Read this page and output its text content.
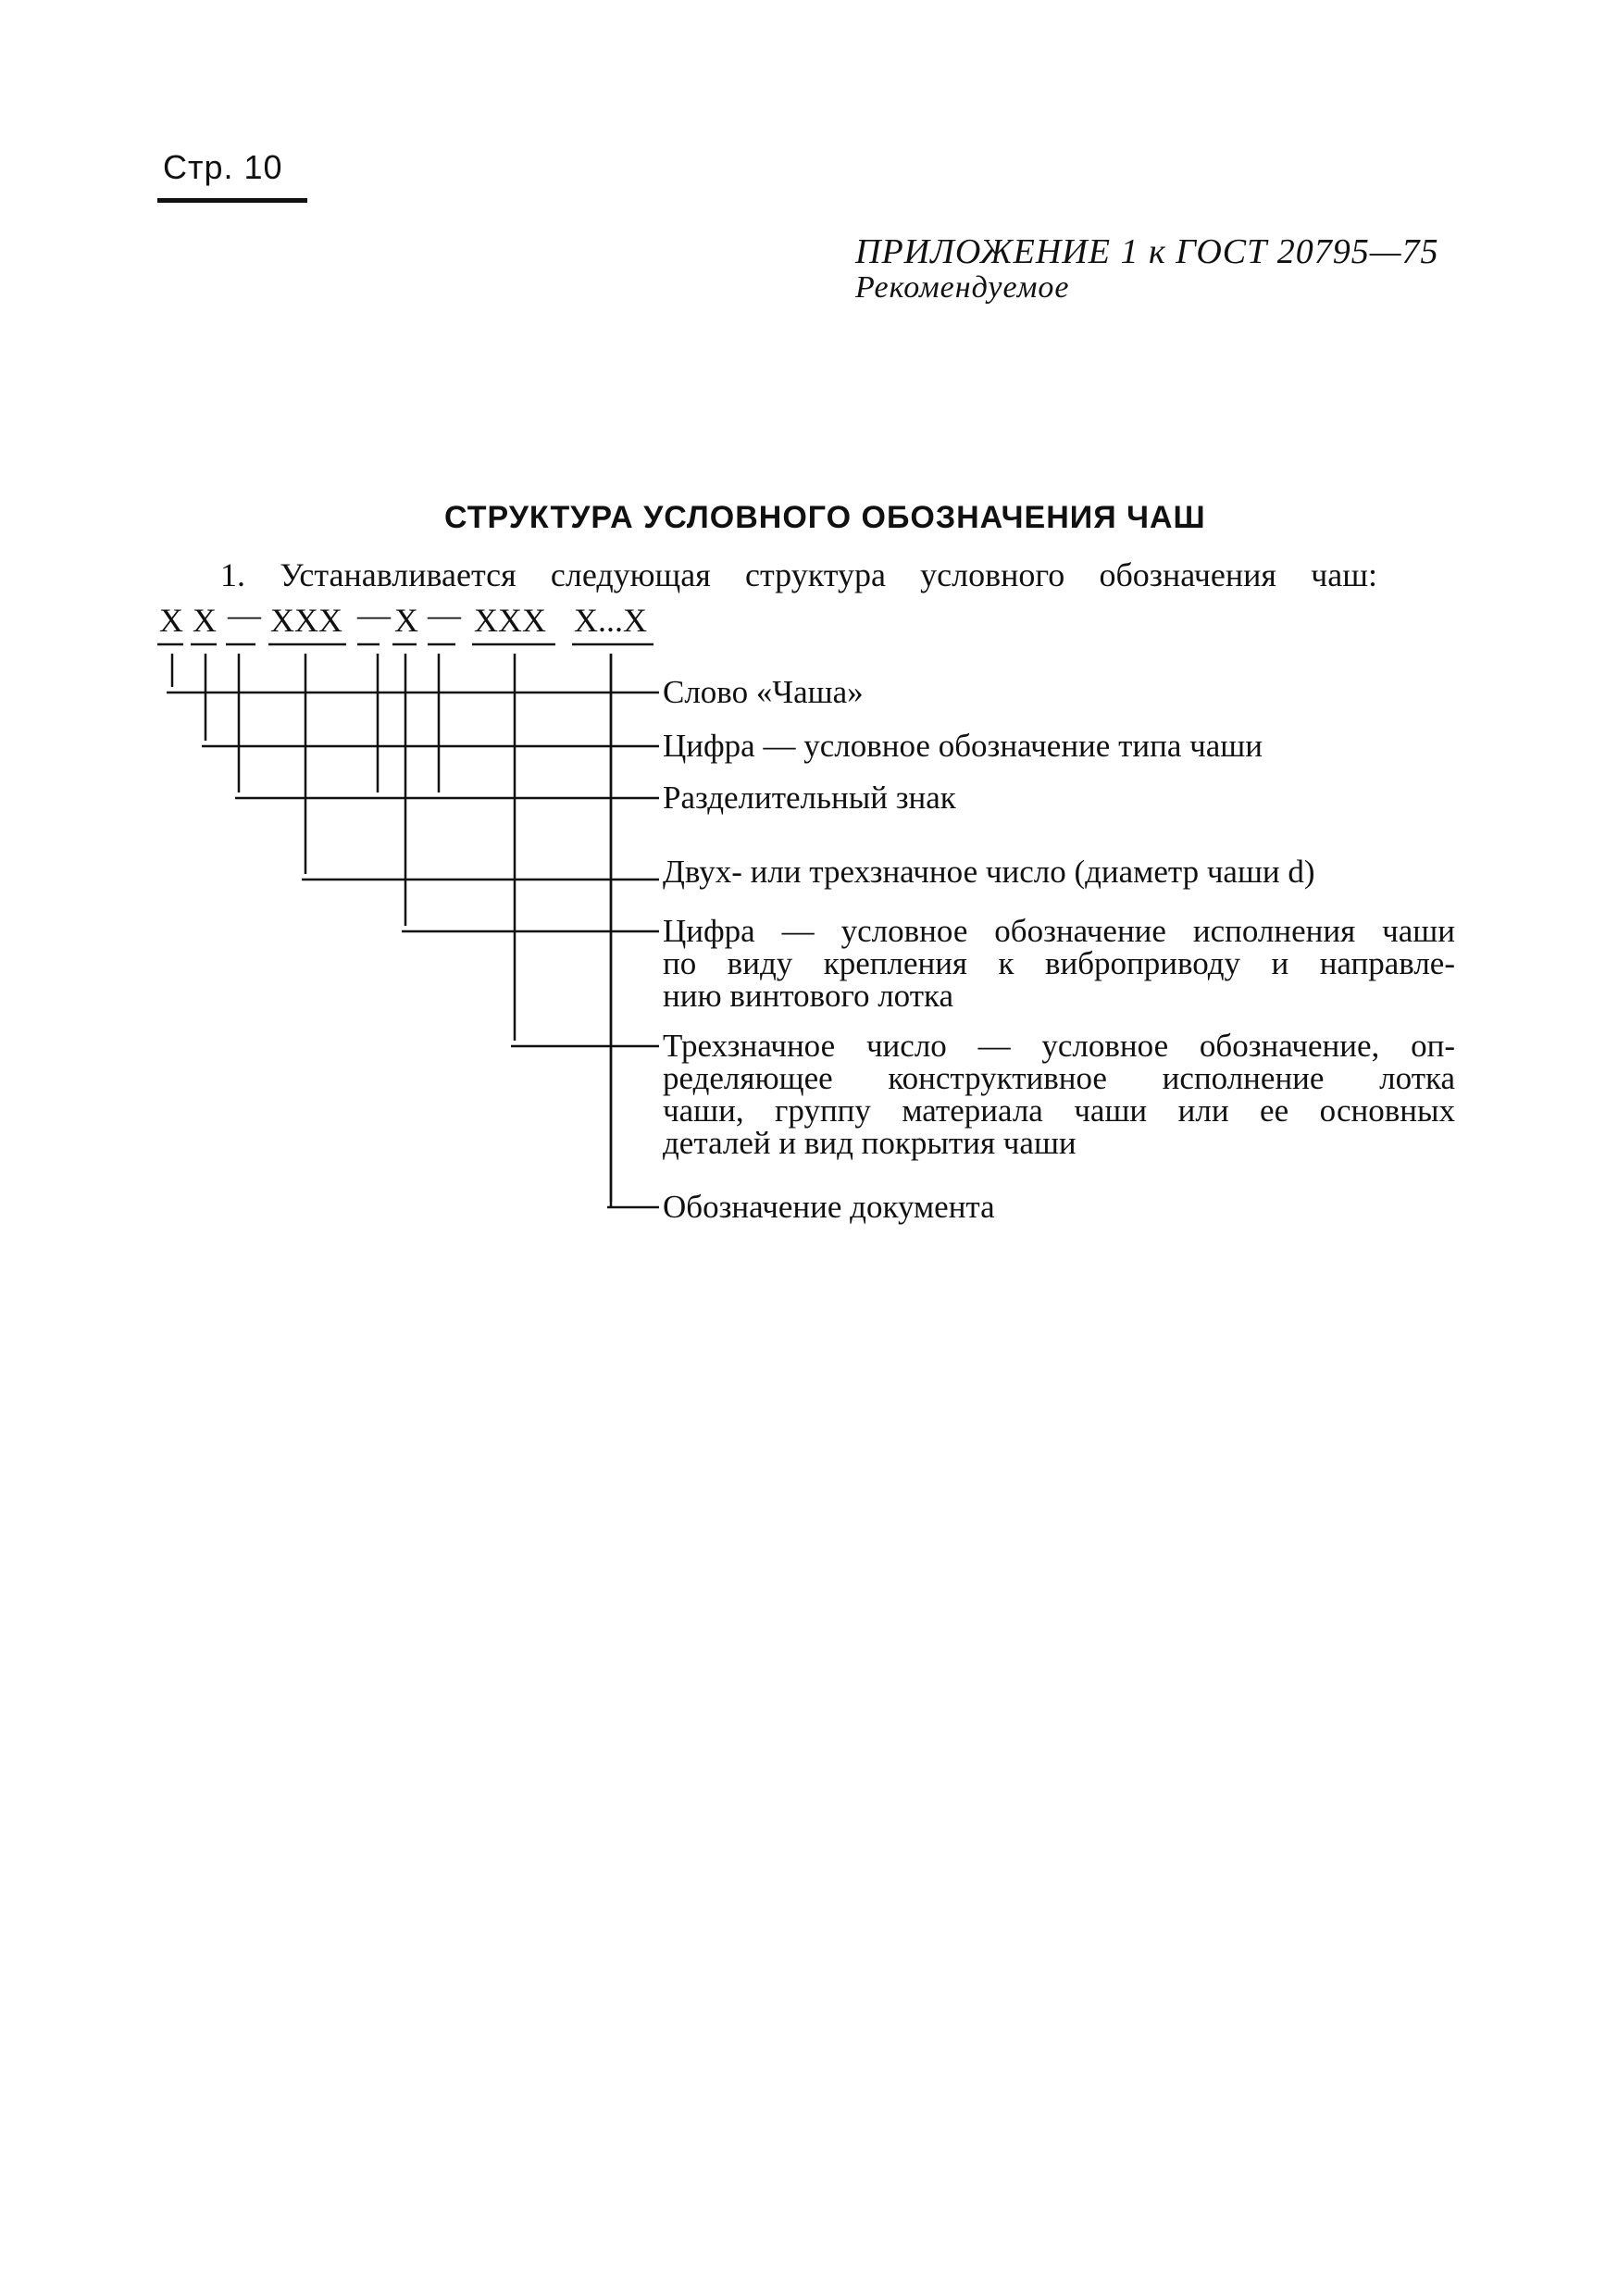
Стр. 10
ПРИЛОЖЕНИЕ 1 к ГОСТ 20795—75
Рекомендуемое
СТРУКТУРА УСЛОВНОГО ОБОЗНАЧЕНИЯ ЧАШ
1. Устанавливается следующая структура условного обозначения чаш:
X X — XXX — X — XXX X...X
Слово «Чаша»
Цифра — условное обозначение типа чаши
Разделительный знак
Двух- или трехзначное число (диаметр чаши d)
Цифра — условное обозначение исполнения чаши
по виду крепления к виброприводу и направле-
нию винтового лотка
Трехзначное число — условное обозначение, оп-
ределяющее конструктивное исполнение лотка
чаши, группу материала чаши или ее основных
деталей и вид покрытия чаши
Обозначение документа
